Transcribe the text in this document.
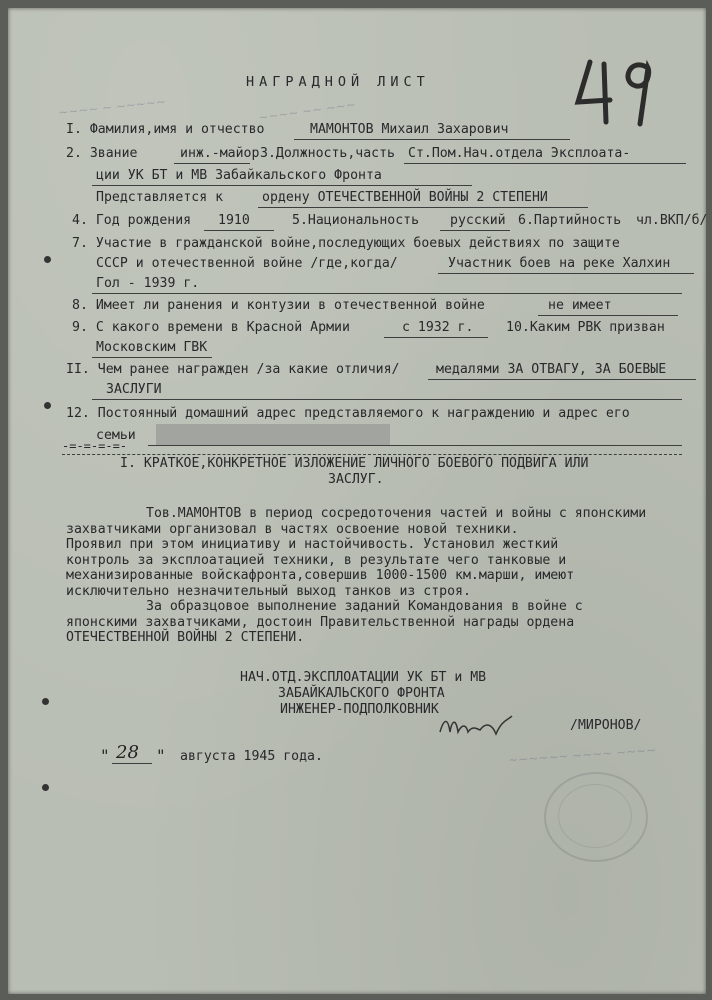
~~~~ ~ ~~~~~	~~~~ ~~ ~~~
~~~~~~ ~~~~ ~~~~
НАГРАДНОЙ ЛИСТ
I. Фамилия,имя и отчество	МАМОНТОВ Михаил Захарович
2. Звание	инж.-майор 3.Должность,часть Ст.Пом.Нач.отдела Эксплоата-
ции УК БТ и МВ Забайкальского Фронта
Представляется к	ордену ОТЕЧЕСТВЕННОЙ ВОЙНЫ 2 СТЕПЕНИ
4. Год рождения 1910	5.Национальность русский 6.Партийность чл.ВКП/б/
7. Участие в гражданской войне,последующих боевых действиях по защите
СССР и отечественной войне /где,когда/	Участник боев на реке Халхин
Гол - 1939 г.
8. Имеет ли ранения и контузии в отечественной войне	не имеет
9. С какого времени в Красной Армии	с 1932 г. 10.Каким РВК призван
Московским ГВК
II. Чем ранее награжден /за какие отличия/	медалями ЗА ОТВАГУ, ЗА БОЕВЫЕ
ЗАСЛУГИ
12. Постоянный домашний адрес представляемого к награждению и адрес его
семьи
-=-=-=-=-
I. КРАТКОЕ,КОНКРЕТНОЕ ИЗЛОЖЕНИЕ ЛИЧНОГО БОЕВОГО ПОДВИГА ИЛИ
ЗАСЛУГ.
Тов.МАМОНТОВ в период сосредоточения частей и войны с японскими
захватчиками организовал в частях освоение новой техники.
Проявил при этом инициативу и настойчивость. Установил жесткий
контроль за эксплоатацией техники, в результате чего танковые и
механизированные войскафронта,совершив 1000-1500 км.марши, имеют
исключительно незначительный выход танков из строя.
За образцовое выполнение заданий Командования в войне с
японскими захватчиками, достоин Правительственной награды ордена
ОТЕЧЕСТВЕННОЙ ВОЙНЫ 2 СТЕПЕНИ.
НАЧ.ОТД.ЭКСПЛОАТАЦИИ УК БТ и МВ
ЗАБАЙКАЛЬСКОГО ФРОНТА
ИНЖЕНЕР-ПОДПОЛКОВНИК
/МИРОНОВ/
" 28 " августа 1945 года.
